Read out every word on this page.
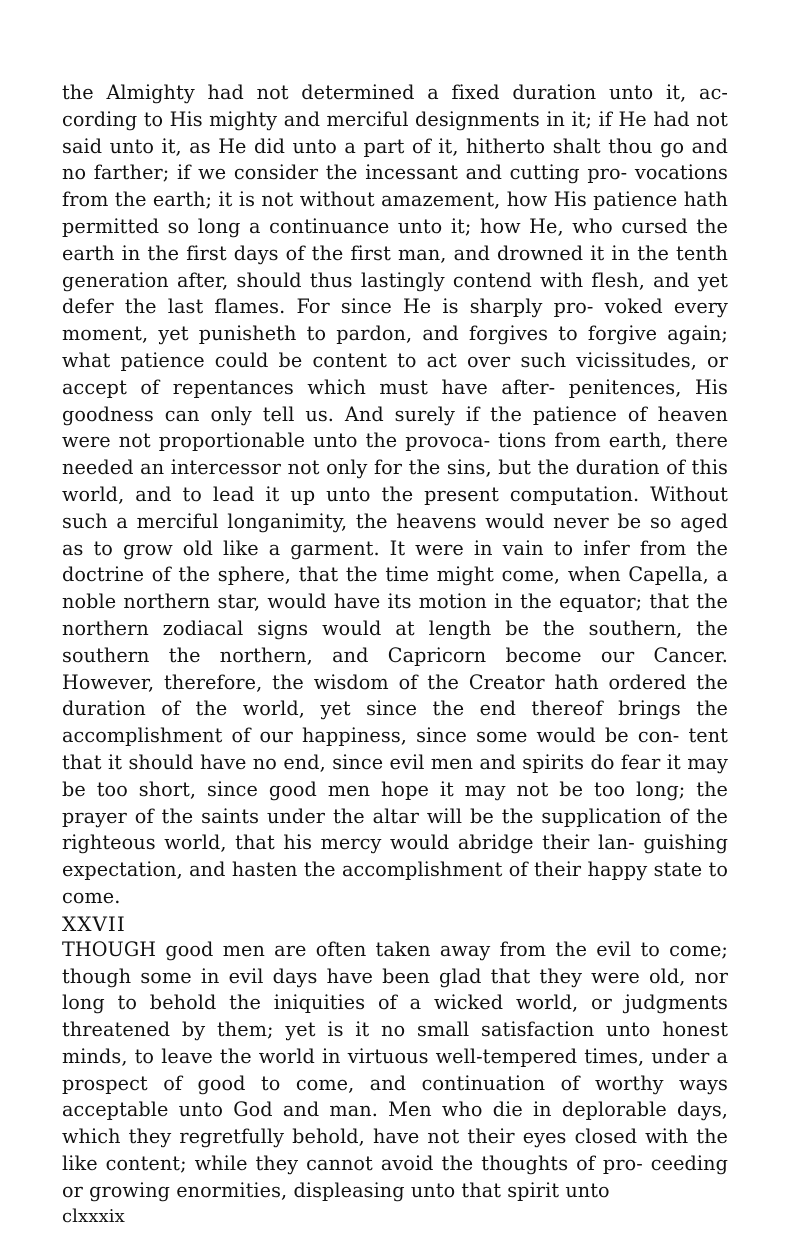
the Almighty had not determined a fixed duration unto it, ac- cording to His mighty and merciful designments in it; if He had not said unto it, as He did unto a part of it, hitherto shalt thou go and no farther; if we consider the incessant and cutting pro- vocations from the earth; it is not without amazement, how His patience hath permitted so long a continuance unto it; how He, who cursed the earth in the first days of the first man, and drowned it in the tenth generation after, should thus lastingly contend with flesh, and yet defer the last flames. For since He is sharply pro- voked every moment, yet punisheth to pardon, and forgives to forgive again; what patience could be content to act over such vicissitudes, or accept of repentances which must have after- penitences, His goodness can only tell us. And surely if the patience of heaven were not proportionable unto the provoca- tions from earth, there needed an intercessor not only for the sins, but the duration of this world, and to lead it up unto the present computation. Without such a merciful longanimity, the heavens would never be so aged as to grow old like a garment. It were in vain to infer from the doctrine of the sphere, that the time might come, when Capella, a noble northern star, would have its motion in the equator; that the northern zodiacal signs would at length be the southern, the southern the northern, and Capricorn become our Cancer. However, therefore, the wisdom of the Creator hath ordered the duration of the world, yet since the end thereof brings the accomplishment of our happiness, since some would be con- tent that it should have no end, since evil men and spirits do fear it may be too short, since good men hope it may not be too long; the prayer of the saints under the altar will be the supplication of the righteous world, that his mercy would abridge their lan- guishing expectation, and hasten the accomplishment of their happy state to come.

XXVII

THOUGH good men are often taken away from the evil to come; though some in evil days have been glad that they were old, nor long to behold the iniquities of a wicked world, or judgments threatened by them; yet is it no small satisfaction unto honest minds, to leave the world in virtuous well-tempered times, under a prospect of good to come, and continuation of worthy ways acceptable unto God and man. Men who die in deplorable days, which they regretfully behold, have not their eyes closed with the like content; while they cannot avoid the thoughts of pro- ceeding or growing enormities, displeasing unto that spirit unto

clxxxix
